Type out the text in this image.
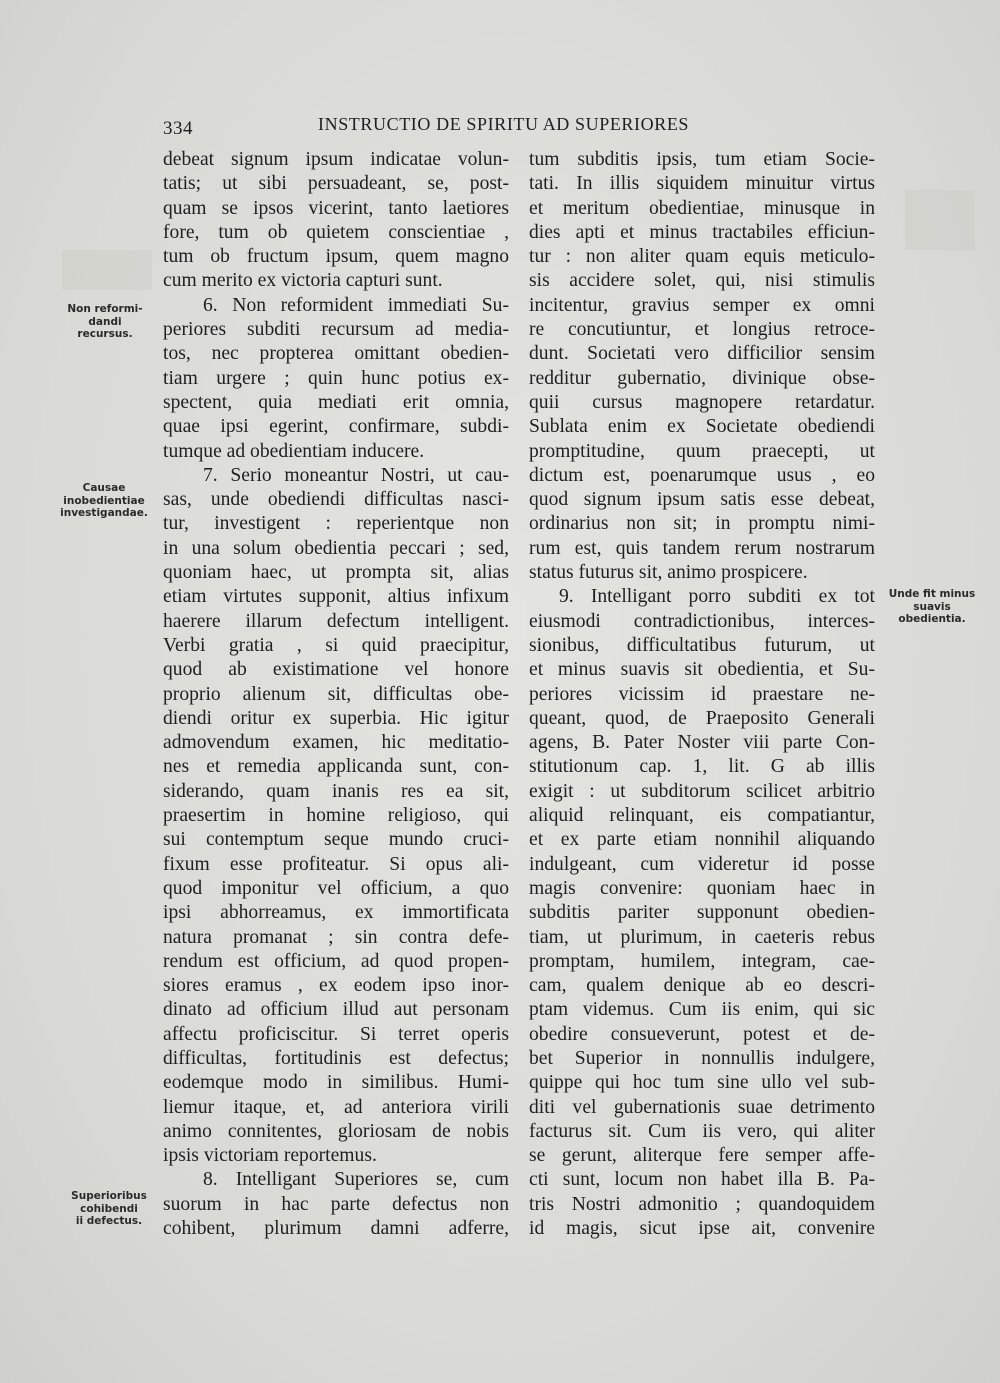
334	INSTRUCTIO DE SPIRITU AD SUPERIORES
Non reformi-
dandi
recursus.
Causae
inobedientiae
investigandae.
Superioribus
cohibendi
ii defectus.
Unde fit minus
suavis
obedientia.
debeat signum ipsum indicatae volun-
tatis; ut sibi persuadeant, se, post-
quam se ipsos vicerint, tanto laetiores
fore, tum ob quietem conscientiae ,
tum ob fructum ipsum, quem magno
cum merito ex victoria capturi sunt.
6. Non reformident immediati Su-
periores subditi recursum ad media-
tos, nec propterea omittant obedien-
tiam urgere ; quin hunc potius ex-
spectent, quia mediati erit omnia,
quae ipsi egerint, confirmare, subdi-
tumque ad obedientiam inducere.
7. Serio moneantur Nostri, ut cau-
sas, unde obediendi difficultas nasci-
tur, investigent : reperientque non
in una solum obedientia peccari ; sed,
quoniam haec, ut prompta sit, alias
etiam virtutes supponit, altius infixum
haerere illarum defectum intelligent.
Verbi gratia , si quid praecipitur,
quod ab existimatione vel honore
proprio alienum sit, difficultas obe-
diendi oritur ex superbia. Hic igitur
admovendum examen, hic meditatio-
nes et remedia applicanda sunt, con-
siderando, quam inanis res ea sit,
praesertim in homine religioso, qui
sui contemptum seque mundo cruci-
fixum esse profiteatur. Si opus ali-
quod imponitur vel officium, a quo
ipsi abhorreamus, ex immortificata
natura promanat ; sin contra defe-
rendum est officium, ad quod propen-
siores eramus , ex eodem ipso inor-
dinato ad officium illud aut personam
affectu proficiscitur. Si terret operis
difficultas, fortitudinis est defectus;
eodemque modo in similibus. Humi-
liemur itaque, et, ad anteriora virili
animo connitentes, gloriosam de nobis
ipsis victoriam reportemus.
8. Intelligant Superiores se, cum
suorum in hac parte defectus non
cohibent, plurimum damni adferre,
tum subditis ipsis, tum etiam Socie-
tati. In illis siquidem minuitur virtus
et meritum obedientiae, minusque in
dies apti et minus tractabiles efficiun-
tur : non aliter quam equis meticulo-
sis accidere solet, qui, nisi stimulis
incitentur, gravius semper ex omni
re concutiuntur, et longius retroce-
dunt. Societati vero difficilior sensim
redditur gubernatio, divinique obse-
quii cursus magnopere retardatur.
Sublata enim ex Societate obediendi
promptitudine, quum praecepti, ut
dictum est, poenarumque usus , eo
quod signum ipsum satis esse debeat,
ordinarius non sit; in promptu nimi-
rum est, quis tandem rerum nostrarum
status futurus sit, animo prospicere.
9. Intelligant porro subditi ex tot
eiusmodi contradictionibus, interces-
sionibus, difficultatibus futurum, ut
et minus suavis sit obedientia, et Su-
periores vicissim id praestare ne-
queant, quod, de Praeposito Generali
agens, B. Pater Noster viii parte Con-
stitutionum cap. 1, lit. G ab illis
exigit : ut subditorum scilicet arbitrio
aliquid relinquant, eis compatiantur,
et ex parte etiam nonnihil aliquando
indulgeant, cum videretur id posse
magis convenire: quoniam haec in
subditis pariter supponunt obedien-
tiam, ut plurimum, in caeteris rebus
promptam, humilem, integram, cae-
cam, qualem denique ab eo descri-
ptam videmus. Cum iis enim, qui sic
obedire consueverunt, potest et de-
bet Superior in nonnullis indulgere,
quippe qui hoc tum sine ullo vel sub-
diti vel gubernationis suae detrimento
facturus sit. Cum iis vero, qui aliter
se gerunt, aliterque fere semper affe-
cti sunt, locum non habet illa B. Pa-
tris Nostri admonitio ; quandoquidem
id magis, sicut ipse ait, convenire
